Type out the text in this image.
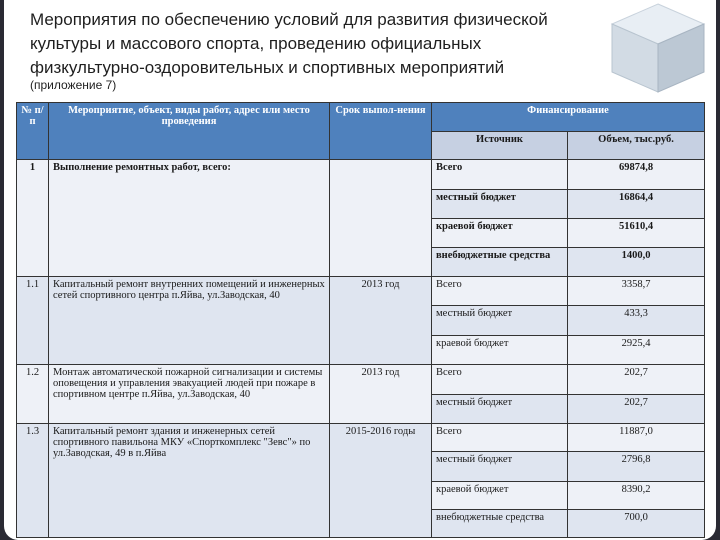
Мероприятия по обеспечению условий для развития физической культуры и массового спорта, проведению официальных физкультурно-оздоровительных и спортивных мероприятий
(приложение 7)
№ п/ п	Мероприятие, объект, виды работ, адрес или место проведения	Срок выпол-нения	Финансирование	
			Источник	Объем, тыс.руб.
1	Выполнение ремонтных работ, всего:		Всего	69874,8
			местный бюджет	16864,4
			краевой бюджет	51610,4
			внебюджетные средства	1400,0
1.1	Капитальный ремонт внутренних помещений и инженерных сетей спортивного центра п.Яйва, ул.Заводская, 40	2013 год	Всего	3358,7
			местный бюджет	433,3
			краевой бюджет	2925,4
1.2	Монтаж автоматической пожарной сигнализации и системы оповещения и управления эвакуацией людей при пожаре в спортивном центре п.Яйва, ул.Заводская, 40	2013 год	Всего	202,7
			местный бюджет	202,7
1.3	Капитальный ремонт здания и инженерных сетей спортивного павильона МКУ «Спорткомплекс "Зевс"» по ул.Заводская, 49 в п.Яйва	2015-2016 годы	Всего	11887,0
			местный бюджет	2796,8
			краевой бюджет	8390,2
			внебюджетные средства	700,0
